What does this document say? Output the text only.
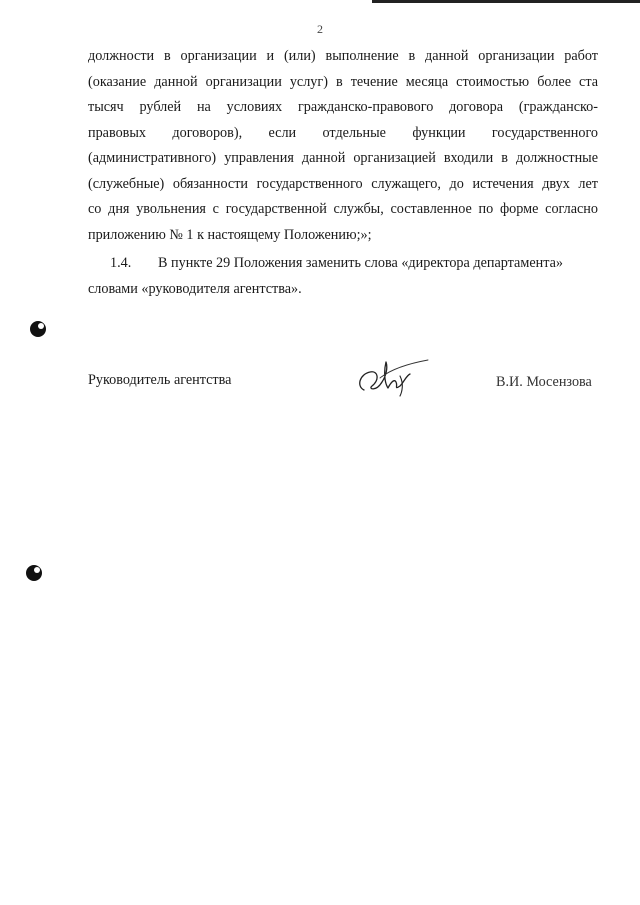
2
должности в организации и (или) выполнение в данной организации работ
(оказание данной организации услуг) в течение месяца стоимостью более ста
тысяч рублей на условиях гражданско-правового договора (гражданско-
правовых договоров), если отдельные функции государственного
(административного) управления данной организацией входили в должностные
(служебные) обязанности государственного служащего, до истечения двух лет
со дня увольнения с государственной службы, составленное по форме согласно
приложению № 1 к настоящему Положению;»;
1.4. В пункте 29 Положения заменить слова «директора департамента»
словами «руководителя агентства».
Руководитель агентства	В.И. Мосензова
